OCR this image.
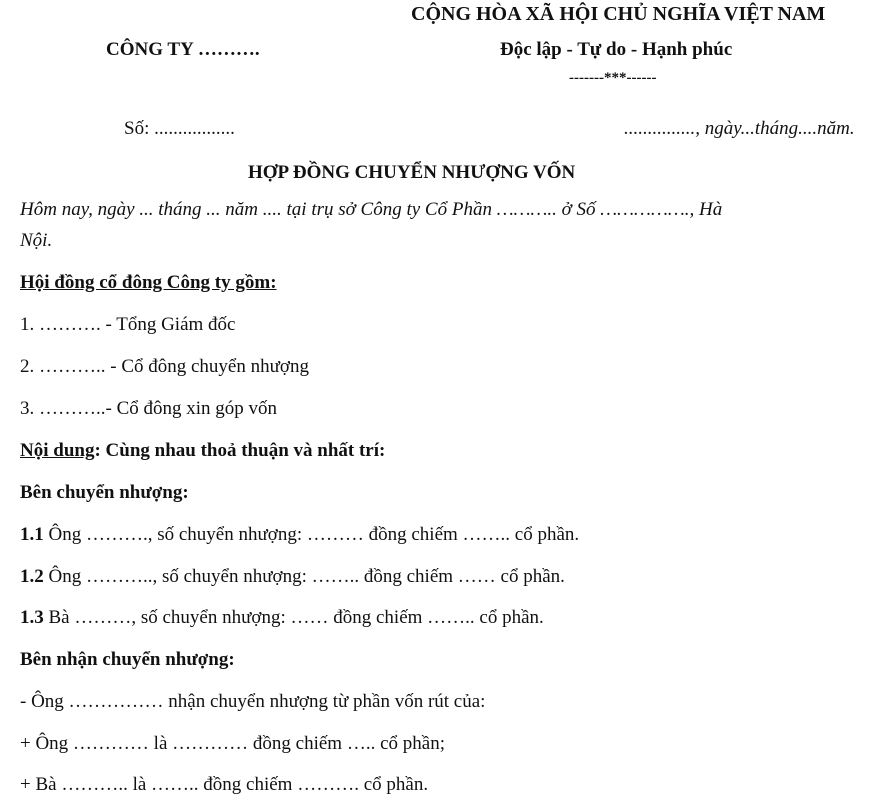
CỘNG HÒA XÃ HỘI CHỦ NGHĨA VIỆT NAM
CÔNG TY ……….	Độc lập - Tự do - Hạnh phúc
-------***------
Số: .................	..............., ngày...tháng....năm.
HỢP ĐỒNG CHUYỂN NHƯỢNG VỐN
Hôm nay, ngày ... tháng ... năm .... tại trụ sở Công ty Cổ Phần ……….. ở Số ……………., Hà
Nội.
Hội đồng cổ đông Công ty gồm:
1. ………. - Tổng Giám đốc
2. ……….. - Cổ đông chuyển nhượng
3. ………..- Cổ đông xin góp vốn
Nội dung: Cùng nhau thoả thuận và nhất trí:
Bên chuyển nhượng:
1.1 Ông ………., số chuyển nhượng: ……… đồng chiếm …….. cổ phần.
1.2 Ông ……….., số chuyển nhượng: …….. đồng chiếm …… cổ phần.
1.3 Bà ………, số chuyển nhượng: …… đồng chiếm …….. cổ phần.
Bên nhận chuyển nhượng:
- Ông …………… nhận chuyển nhượng từ phần vốn rút của:
+ Ông ………… là ………… đồng chiếm ….. cổ phần;
+ Bà ……….. là …….. đồng chiếm ………. cổ phần.
